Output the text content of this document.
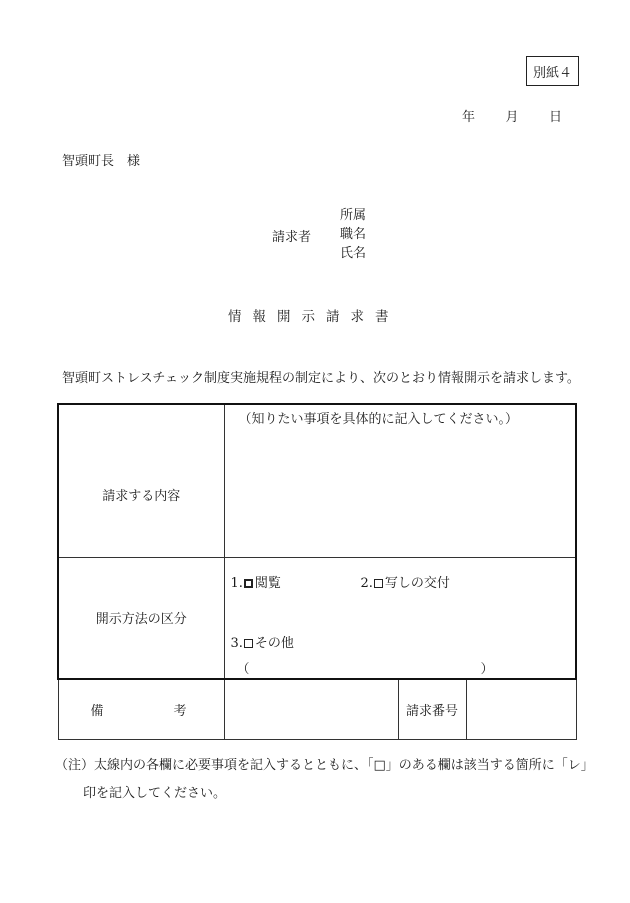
別紙４
年 月 日
智頭町長　様
請求者
所属
職名
氏名
情報開示請求書
智頭町ストレスチェック制度実施規程の制定により、次のとおり情報開示を請求します。
請求する内容	（知りたい事項を具体的に記入してください。）		
開示方法の区分	1. 閲覧 2. 写しの交付
3. その他
（ ）		

備 考		請求番号	
（注）太線内の各欄に必要事項を記入するとともに、「□」のある欄は該当する箇所に「レ」
印を記入してください。
